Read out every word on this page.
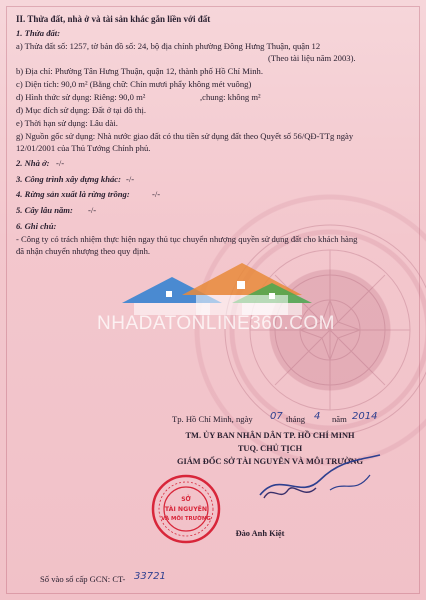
II. Thửa đất, nhà ở và tài sản khác gắn liền với đất
1. Thửa đất:
a) Thửa đất số: 1257, tờ bản đồ số: 24, bộ địa chính phường Đông Hưng Thuận, quận 12
(Theo tài liệu năm 2003).
b) Địa chỉ: Phường Tân Hưng Thuận, quận 12, thành phố Hồ Chí Minh.
c) Diện tích: 90,0 m² (Bằng chữ: Chín mươi phẩy không mét vuông)
d) Hình thức sử dụng: Riêng: 90,0 m²	,chung: không m²
đ) Mục đích sử dụng: Đất ở tại đô thị.
e) Thời hạn sử dụng: Lâu dài.
g) Nguồn gốc sử dụng: Nhà nước giao đất có thu tiền sử dụng đất theo Quyết số 56/QĐ-TTg ngày
12/01/2001 của Thủ Tướng Chính phủ.
2. Nhà ở: -/-
3. Công trình xây dựng khác: -/-
4. Rừng sản xuất là rừng trồng:	-/-
5. Cây lâu năm: -/-
6. Ghi chú:
- Công ty có trách nhiệm thực hiện ngay thủ tục chuyển nhượng quyền sử dụng đất cho khách hàng
đã nhận chuyển nhượng theo quy định.
NHADATONLINE360.COM
Tp. Hồ Chí Minh, ngày 07 tháng 4 năm 2014
TM. ỦY BAN NHÂN DÂN TP. HỒ CHÍ MINH
TUQ. CHỦ TỊCH
GIÁM ĐỐC SỞ TÀI NGUYÊN VÀ MÔI TRƯỜNG
SỞ
TÀI NGUYÊN
VÀ MÔI TRƯỜNG
Đào Anh Kiệt
Số vào sổ cấp GCN: CT- 33721
